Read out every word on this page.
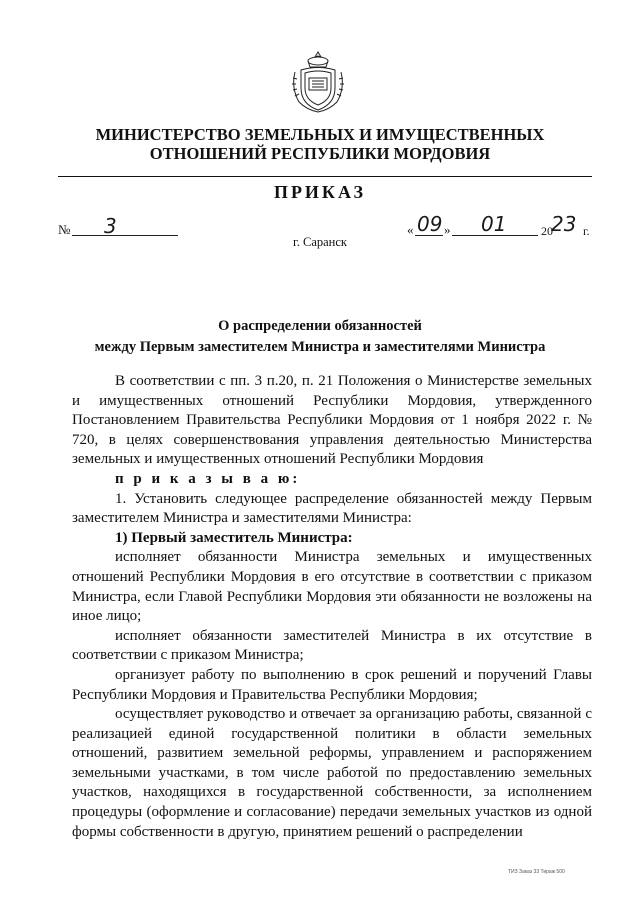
МИНИСТЕРСТВО ЗЕМЕЛЬНЫХ И ИМУЩЕСТВЕННЫХ
ОТНОШЕНИЙ РЕСПУБЛИКИ МОРДОВИЯ
ПРИКАЗ
№ 3	« 09 » 01	20
23 г.
г. Саранск
О распределении обязанностей
между Первым заместителем Министра и заместителями Министра

В соответствии с пп. 3 п.20, п. 21 Положения о Министерстве земельных и имущественных отношений Республики Мордовия, утвержденного Постановлением Правительства Республики Мордовия от 1 ноября 2022 г. № 720, в целях совершенствования управления деятельностью Министерства земельных и имущественных отношений Республики Мордовия

п р и к а з ы в а ю:

1. Установить следующее распределение обязанностей между Первым заместителем Министра и заместителями Министра:

1) Первый заместитель Министра:

исполняет обязанности Министра земельных и имущественных отношений Республики Мордовия в его отсутствие в соответствии с приказом Министра, если Главой Республики Мордовия эти обязанности не возложены на иное лицо;

исполняет обязанности заместителей Министра в их отсутствие в соответствии с приказом Министра;

организует работу по выполнению в срок решений и поручений Главы Республики Мордовия и Правительства Республики Мордовия;

осуществляет руководство и отвечает за организацию работы, связанной с реализацией единой государственной политики в области земельных отношений, развитием земельной реформы, управлением и распоряжением земельными участками, в том числе работой по предоставлению земельных участков, находящихся в государственной собственности, за исполнением процедуры (оформление и согласование) передачи земельных участков из одной формы собственности в другую, принятием решений о распределении

ТИЗ Заказ 33 Тираж 500
